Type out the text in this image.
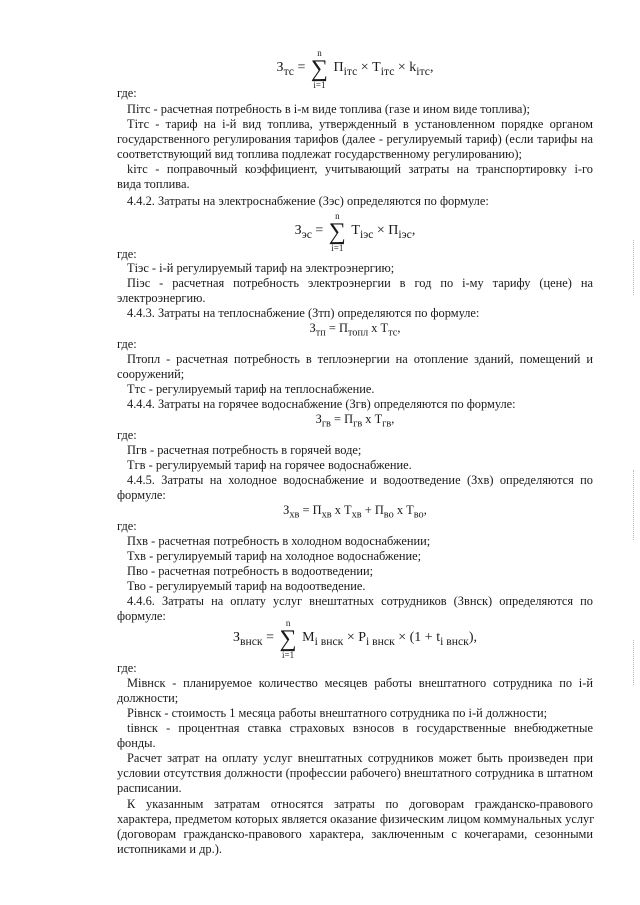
$З_{тс} = n$
∑
i=1 $П_{iтс} \times Т_{iтс} \times k_{iтс}$,
где:
Пiтс - расчетная потребность в i-м виде топлива (газе и ином виде топлива);
Тiтс - тариф на i-й вид топлива, утвержденный в установленном порядке органом
государственного регулирования тарифов (далее - регулируемый тариф) (если тарифы на
соответствующий вид топлива подлежат государственному регулированию);
kiтс - поправочный коэффициент, учитывающий затраты на транспортировку i-го
вида топлива.
4.4.2. Затраты на электроснабжение (Зэс) определяются по формуле:
$З_{эс} = n$
∑
i=1 $Т_{iэс} \times П_{iэс}$,
где:
Тiэс - i-й регулируемый тариф на электроэнергию;
Пiэс - расчетная потребность электроэнергии в год по i-му тарифу (цене) на
электроэнергию.
4.4.3. Затраты на теплоснабжение (Зтп) определяются по формуле:
$З_{тп} = П_{топл}$ х $Т_{тс}$,
где:
Птопл - расчетная потребность в теплоэнергии на отопление зданий, помещений и
сооружений;
Ттс - регулируемый тариф на теплоснабжение.
4.4.4. Затраты на горячее водоснабжение (Згв) определяются по формуле:
$З_{гв} = П_{гв}$ х $Т_{гв}$,
где:
Пгв - расчетная потребность в горячей воде;
Тгв - регулируемый тариф на горячее водоснабжение.
4.4.5. Затраты на холодное водоснабжение и водоотведение (Зхв) определяются по
формуле:
$З_{хв} = П_{хв}$ х $Т_{хв} + П_{во}$ х $Т_{во}$,
где:
Пхв - расчетная потребность в холодном водоснабжении;
Тхв - регулируемый тариф на холодное водоснабжение;
Пво - расчетная потребность в водоотведении;
Тво - регулируемый тариф на водоотведение.
4.4.6. Затраты на оплату услуг внештатных сотрудников (Звнск) определяются по
формуле:
$З_{внск} = n$
∑
i=1 $М_{i внск} \times Р_{i внск} \times (1 + t_{i внск})$,
где:
Мiвнск - планируемое количество месяцев работы внештатного сотрудника по i-й
должности;
Рiвнск - стоимость 1 месяца работы внештатного сотрудника по i-й должности;
tiвнск - процентная ставка страховых взносов в государственные внебюджетные
фонды.
Расчет затрат на оплату услуг внештатных сотрудников может быть произведен при
условии отсутствия должности (профессии рабочего) внештатного сотрудника в штатном
расписании.
К указанным затратам относятся затраты по договорам гражданско-правового
характера, предметом которых является оказание физическим лицом коммунальных услуг
(договорам гражданско-правового характера, заключенным с кочегарами, сезонными
истопниками и др.).
